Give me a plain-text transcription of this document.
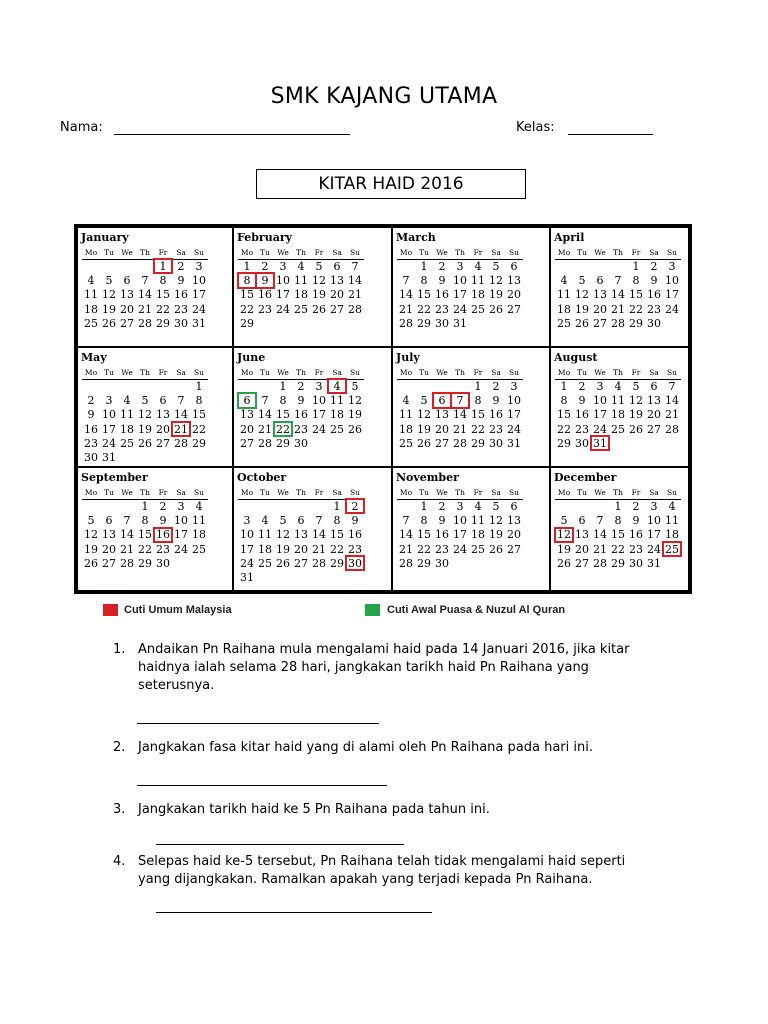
SMK KAJANG UTAMA
Nama:	Kelas:
KITAR HAID 2016
January
Mo	Tu	We	Th	Fr	Sa	Su
				1	2	3
4	5	6	7	8	9	10
11	12	13	14	15	16	17
18	19	20	21	22	23	24
25	26	27	28	29	30	31
February
Mo	Tu	We	Th	Fr	Sa	Su
1	2	3	4	5	6	7
8	9	10	11	12	13	14
15	16	17	18	19	20	21
22	23	24	25	26	27	28
29						
March
Mo	Tu	We	Th	Fr	Sa	Su
	1	2	3	4	5	6
7	8	9	10	11	12	13
14	15	16	17	18	19	20
21	22	23	24	25	26	27
28	29	30	31			
April
Mo	Tu	We	Th	Fr	Sa	Su
				1	2	3
4	5	6	7	8	9	10
11	12	13	14	15	16	17
18	19	20	21	22	23	24
25	26	27	28	29	30	
May
Mo	Tu	We	Th	Fr	Sa	Su
						1
2	3	4	5	6	7	8
9	10	11	12	13	14	15
16	17	18	19	20	21	22
23	24	25	26	27	28	29
30	31					
June
Mo	Tu	We	Th	Fr	Sa	Su
		1	2	3	4	5
6	7	8	9	10	11	12
13	14	15	16	17	18	19
20	21	22	23	24	25	26
27	28	29	30			
July
Mo	Tu	We	Th	Fr	Sa	Su
				1	2	3
4	5	6	7	8	9	10
11	12	13	14	15	16	17
18	19	20	21	22	23	24
25	26	27	28	29	30	31
August
Mo	Tu	We	Th	Fr	Sa	Su
1	2	3	4	5	6	7
8	9	10	11	12	13	14
15	16	17	18	19	20	21
22	23	24	25	26	27	28
29	30	31				
September
Mo	Tu	We	Th	Fr	Sa	Su
			1	2	3	4
5	6	7	8	9	10	11
12	13	14	15	16	17	18
19	20	21	22	23	24	25
26	27	28	29	30		
October
Mo	Tu	We	Th	Fr	Sa	Su
					1	2
3	4	5	6	7	8	9
10	11	12	13	14	15	16
17	18	19	20	21	22	23
24	25	26	27	28	29	30
31						
November
Mo	Tu	We	Th	Fr	Sa	Su
	1	2	3	4	5	6
7	8	9	10	11	12	13
14	15	16	17	18	19	20
21	22	23	24	25	26	27
28	29	30				
December
Mo	Tu	We	Th	Fr	Sa	Su
			1	2	3	4
5	6	7	8	9	10	11
12	13	14	15	16	17	18
19	20	21	22	23	24	25
26	27	28	29	30	31	
Cuti Umum Malaysia	Cuti Awal Puasa & Nuzul Al Quran
1. Andaikan Pn Raihana mula mengalami haid pada 14 Januari 2016, jika kitar haidnya ialah selama 28 hari, jangkakan tarikh haid Pn Raihana yang seterusnya.
2. Jangkakan fasa kitar haid yang di alami oleh Pn Raihana pada hari ini.
3. Jangkakan tarikh haid ke 5 Pn Raihana pada tahun ini.
4. Selepas haid ke-5 tersebut, Pn Raihana telah tidak mengalami haid seperti yang dijangkakan. Ramalkan apakah yang terjadi kepada Pn Raihana.
